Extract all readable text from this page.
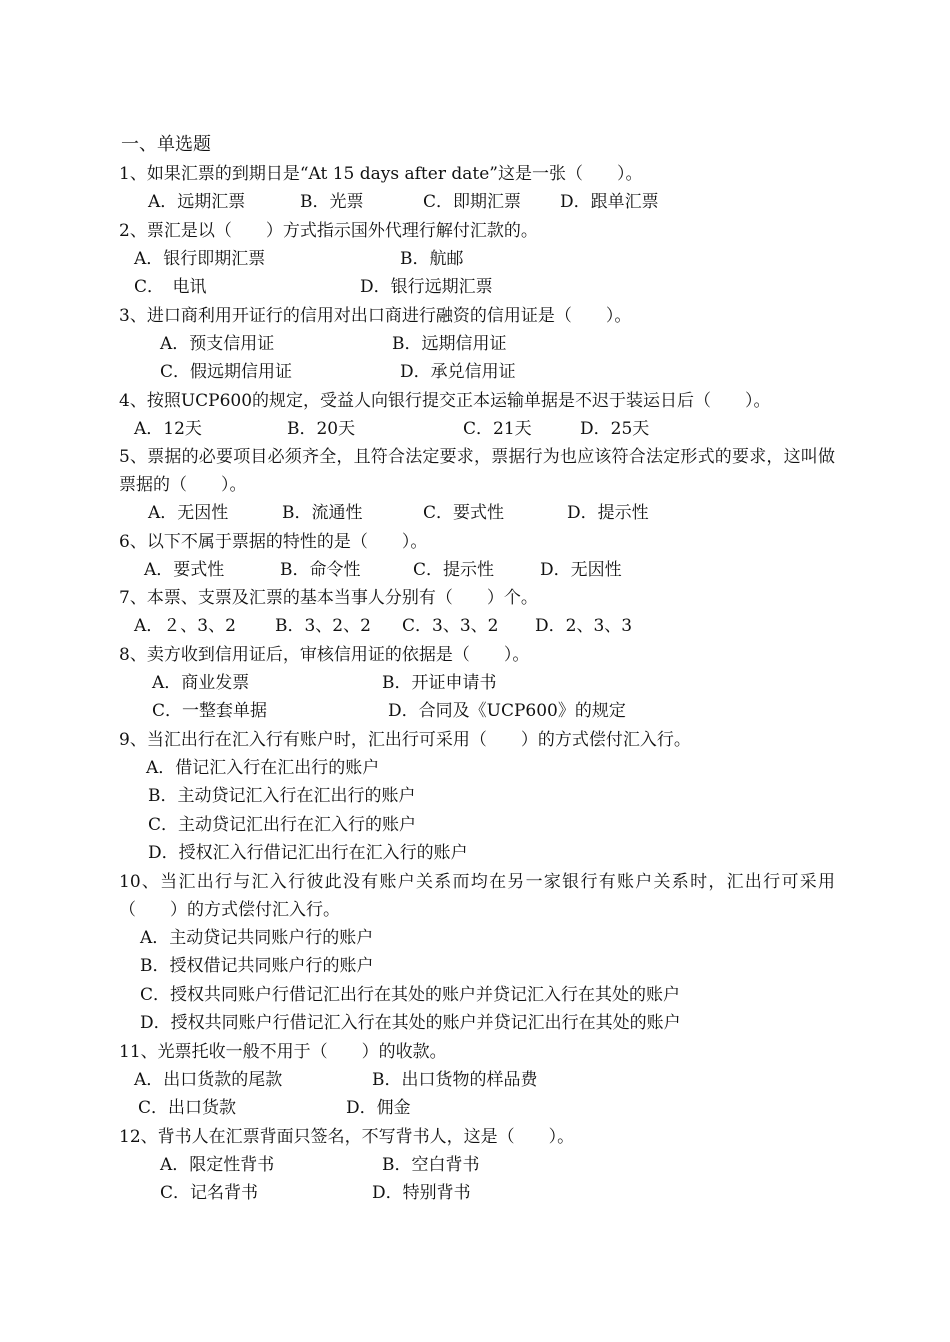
一、单选题
1、如果汇票的到期日是“At 15 days after date”这是一张（　　）。
A．远期汇票	B．光票	C．即期汇票 D．跟单汇票
2、票汇是以（　　）方式指示国外代理行解付汇款的。
A．银行即期汇票	B．航邮
C．　电讯	D．银行远期汇票
3、进口商利用开证行的信用对出口商进行融资的信用证是（　　）。
A．预支信用证	B．远期信用证
C．假远期信用证	D．承兑信用证
4、按照UCP600的规定，受益人向银行提交正本运输单据是不迟于装运日后（　　）。
A．12天	B．20天	C．21天	D．25天
5、票据的必要项目必须齐全，且符合法定要求，票据行为也应该符合法定形式的要求，这叫做票据的（　　）。
A．无因性	B．流通性	C．要式性	D．提示性
6、以下不属于票据的特性的是（　　）。
A．要式性	B．命令性	C．提示性	D．无因性
7、本票、支票及汇票的基本当事人分别有（　　）个。
A．２、3、2 B．3、2、2 C．3、3、2 D．2、3、3
8、卖方收到信用证后，审核信用证的依据是（　　）。
A．商业发票	B．开证申请书
C．一整套单据	D．合同及《UCP600》的规定
9、当汇出行在汇入行有账户时，汇出行可采用（　　）的方式偿付汇入行。
A．借记汇入行在汇出行的账户
B．主动贷记汇入行在汇出行的账户
C．主动贷记汇出行在汇入行的账户
D．授权汇入行借记汇出行在汇入行的账户
10、当汇出行与汇入行彼此没有账户关系而均在另一家银行有账户关系时，汇出行可采用（　　）的方式偿付汇入行。
A．主动贷记共同账户行的账户
B．授权借记共同账户行的账户
C．授权共同账户行借记汇出行在其处的账户并贷记汇入行在其处的账户
D．授权共同账户行借记汇入行在其处的账户并贷记汇出行在其处的账户
11、光票托收一般不用于（　　）的收款。
A．出口货款的尾款	B．出口货物的样品费
C．出口货款	D．佣金
12、背书人在汇票背面只签名，不写背书人，这是（　　）。
A．限定性背书	B．空白背书
C．记名背书	D．特别背书
